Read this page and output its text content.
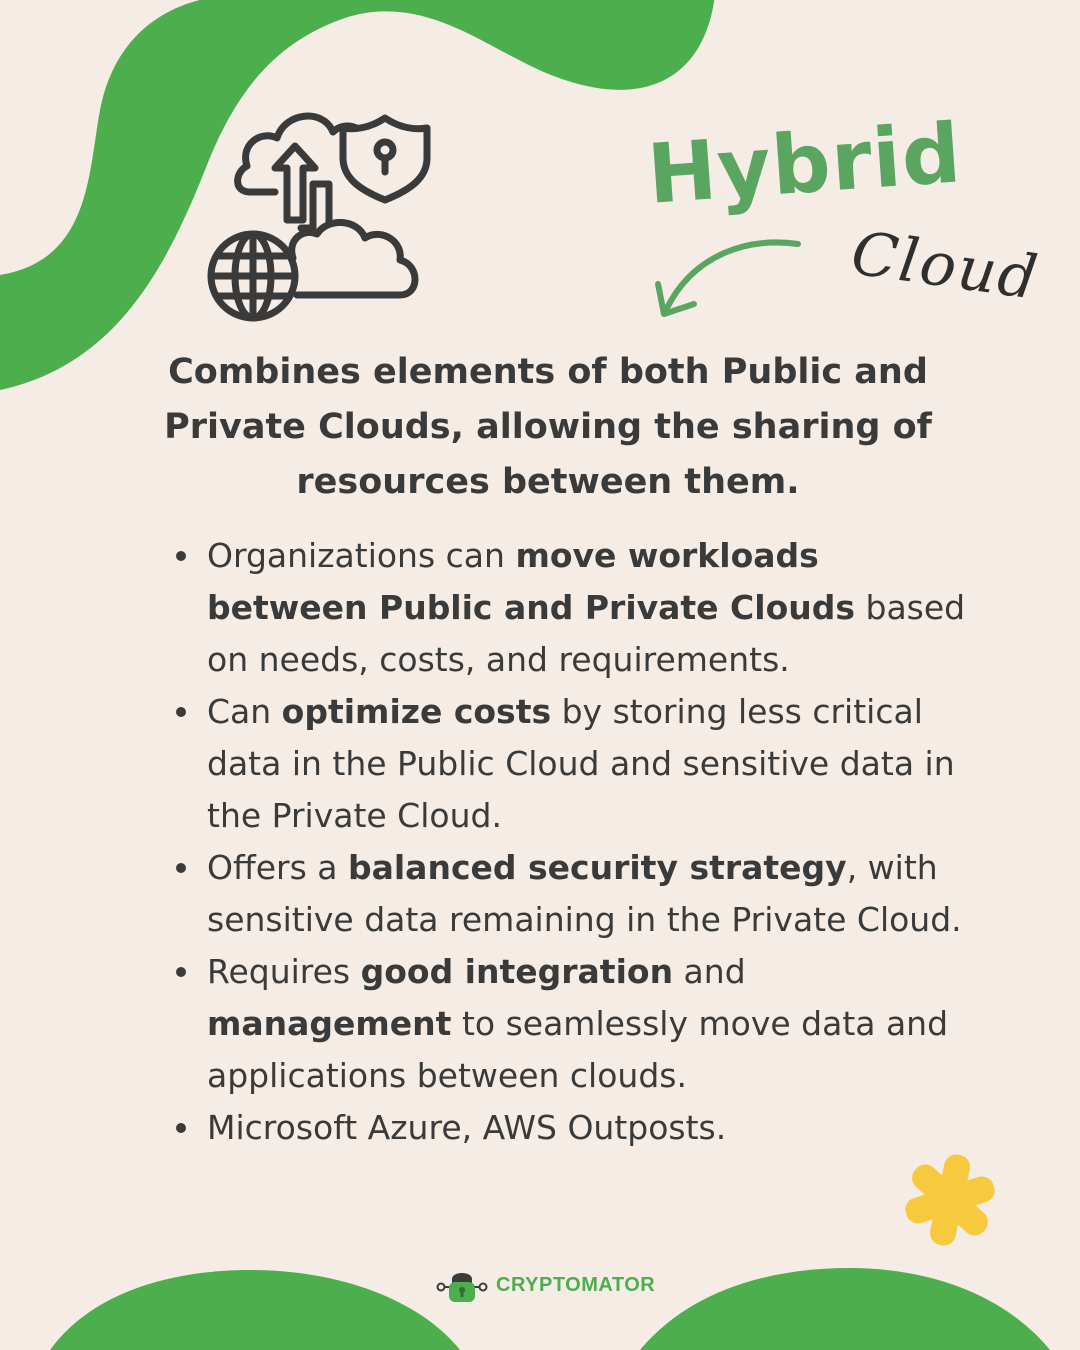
Hybrid
Cloud

Combines elements of both Public and Private Clouds, allowing the sharing of resources between them.

Organizations can move workloads between Public and Private Clouds based on needs, costs, and requirements.
Can optimize costs by storing less critical data in the Public Cloud and sensitive data in the Private Cloud.
Offers a balanced security strategy, with sensitive data remaining in the Private Cloud.
Requires good integration and management to seamlessly move data and applications between clouds.
Microsoft Azure, AWS Outposts.
CRYPTOMATOR
